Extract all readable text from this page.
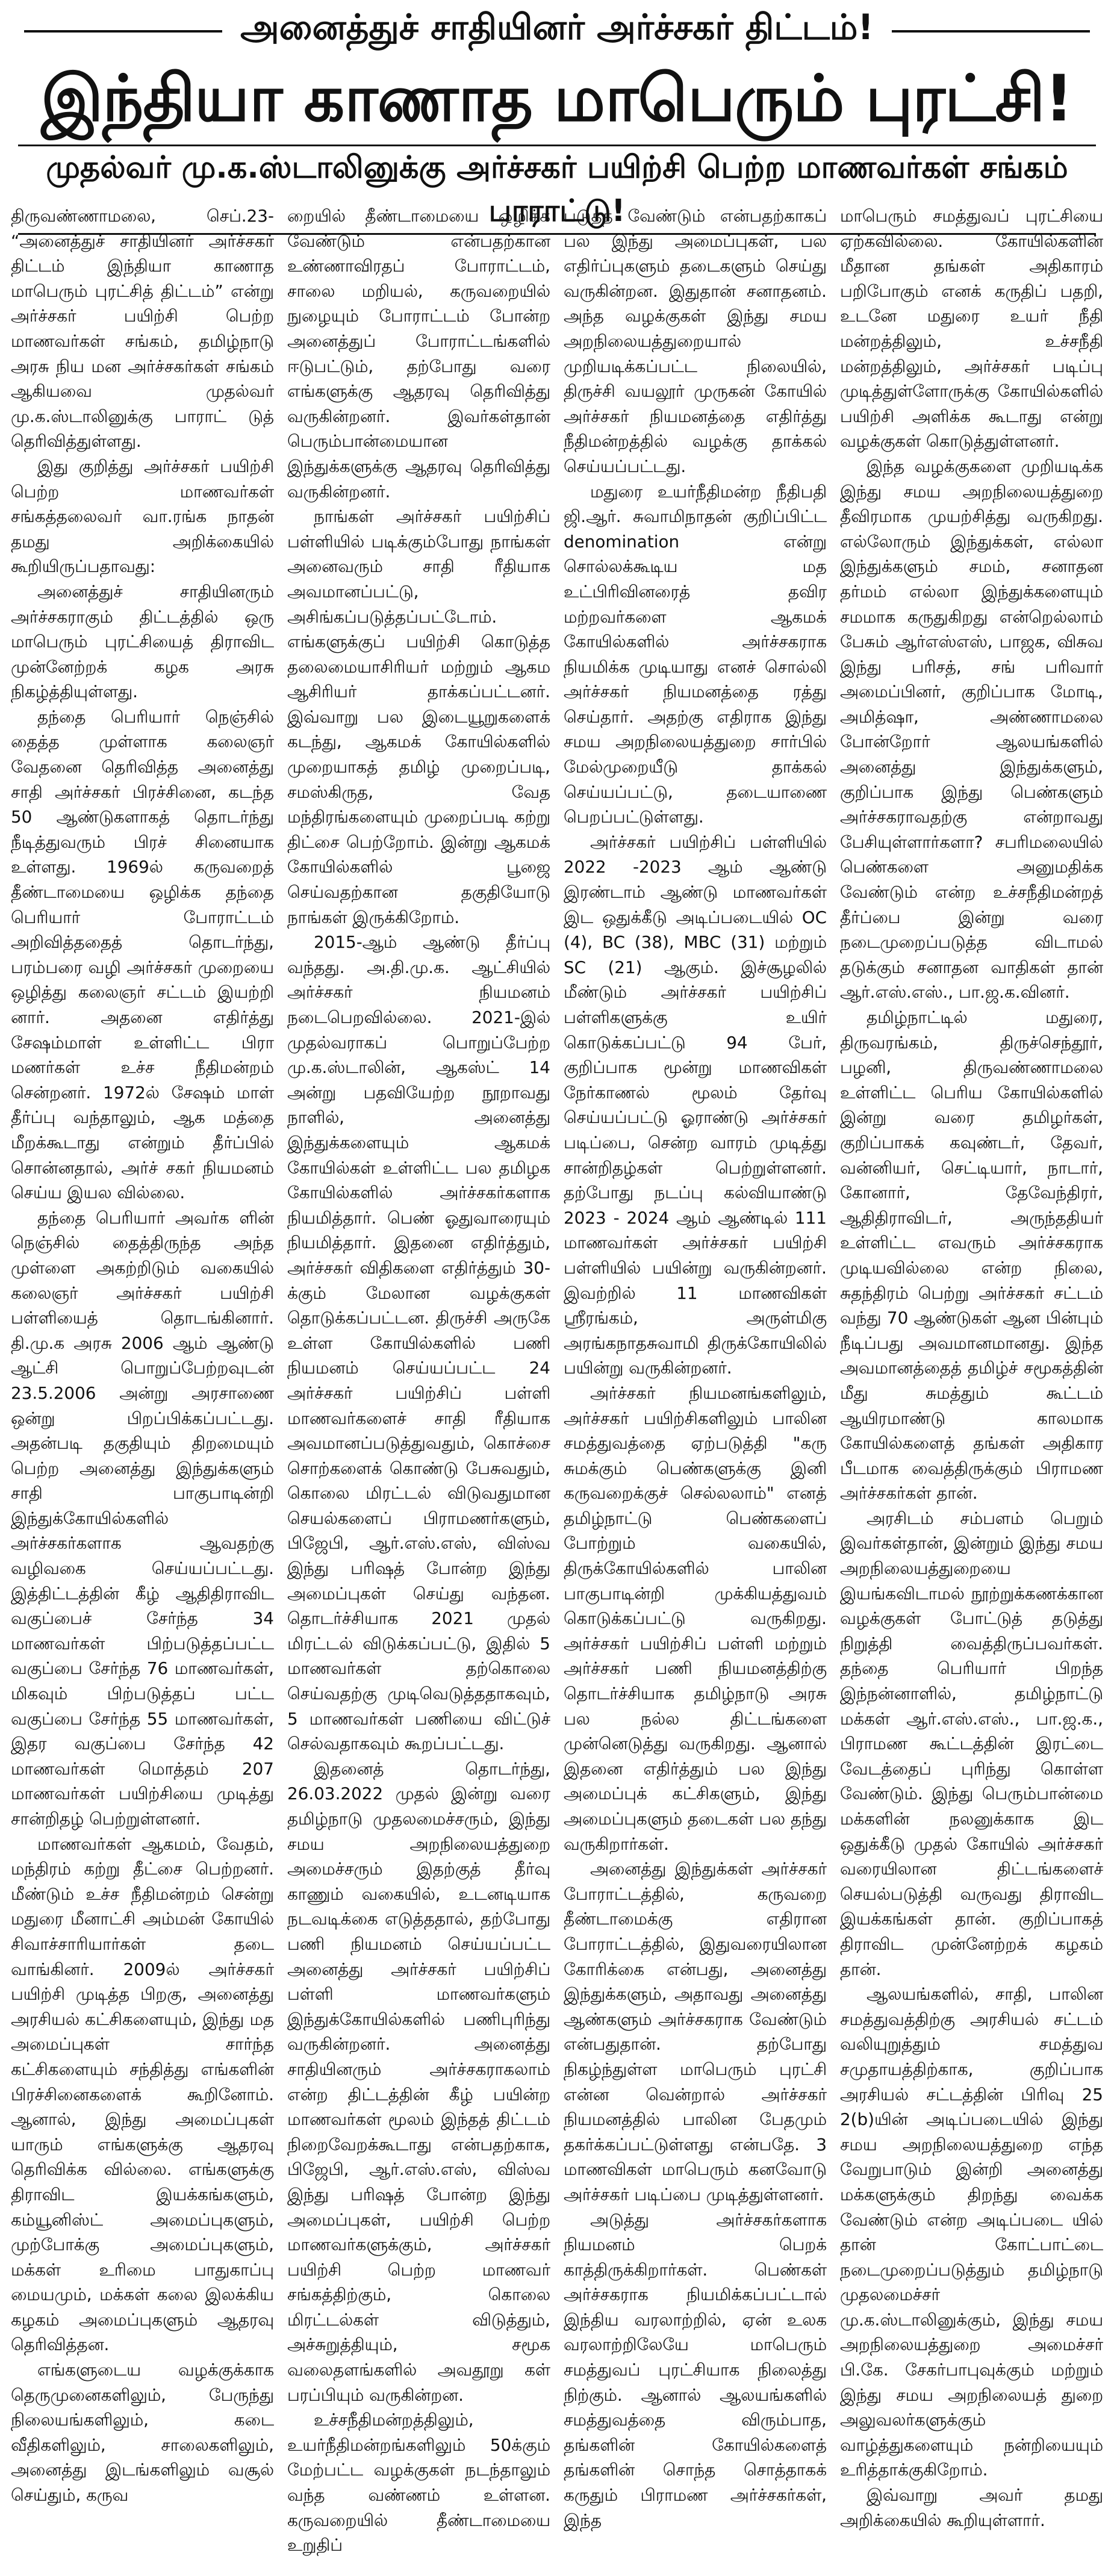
அனைத்துச் சாதியினர் அர்ச்சகர் திட்டம்!
இந்தியா காணாத மாபெரும் புரட்சி!
முதல்வர் மு.க.ஸ்டாலினுக்கு அர்ச்சகர் பயிற்சி பெற்ற மாணவர்கள் சங்கம் பாராட்டு!

திருவண்ணாமலை, செப்.23- “அனைத்துச் சாதியினர் அர்ச்சகர் திட்டம் இந்தியா காணாத மாபெரும் புரட்சித் திட்டம்” என்று அர்ச்சகர் பயிற்சி பெற்ற மாணவர்கள் சங்கம், தமிழ்நாடு அரசு நிய மன அர்ச்சகர்கள் சங்கம் ஆகியவை முதல்வர் மு.க.ஸ்டாலினுக்கு பாராட் டுத் தெரிவித்துள்ளது.

இது குறித்து அர்ச்சகர் பயிற்சி பெற்ற மாணவர்கள் சங்கத்தலைவர் வா.ரங்க நாதன் தமது அறிக்கையில் கூறியிருப்பதாவது:

அனைத்துச் சாதியினரும் அர்ச்சகராகும் திட்டத்தில் ஒரு மாபெரும் புரட்சியைத் திராவிட முன்னேற்றக் கழக அரசு நிகழ்த்தியுள்ளது.

தந்தை பெரியார் நெஞ்சில் தைத்த முள்ளாக கலைஞர் வேதனை தெரிவித்த அனைத்து சாதி அர்ச்சகர் பிரச்சினை, கடந்த 50 ஆண்டுகளாகத் தொடர்ந்து நீடித்துவரும் பிரச் சினையாக உள்ளது. 1969ல் கருவறைத் தீண்டாமையை ஒழிக்க தந்தை பெரியார் போராட்டம் அறிவித்ததைத் தொடர்ந்து, பரம்பரை வழி அர்ச்சகர் முறையை ஒழித்து கலைஞர் சட்டம் இயற்றி னார். அதனை எதிர்த்து சேஷம்மாள் உள்ளிட்ட பிரா மணர்கள் உச்ச நீதிமன்றம் சென்றனர். 1972ல் சேஷம் மாள் தீர்ப்பு வந்தாலும், ஆக மத்தை மீறக்கூடாது என்றும் தீர்ப்பில் சொன்னதால், அர்ச் சகர் நியமனம் செய்ய இயல வில்லை.

தந்தை பெரியார் அவர்க ளின் நெஞ்சில் தைத்திருந்த அந்த முள்ளை அகற்றிடும் வகையில் கலைஞர் அர்ச்சகர் பயிற்சி பள்ளியைத் தொடங்கினார். தி.மு.க அரசு 2006 ஆம் ஆண்டு ஆட்சி பொறுப்பேற்றவுடன் 23.5.2006 அன்று அரசாணை ஒன்று பிறப்பிக்கப்பட்டது. அதன்படி தகுதியும் திறமையும் பெற்ற அனைத்து இந்துக்களும் சாதி பாகுபாடின்றி இந்துக்கோயில்களில் அர்ச்சகர்களாக ஆவதற்கு வழிவகை செய்யப்பட்டது. இத்திட்டத்தின் கீழ் ஆதிதிராவிட வகுப்பைச் சேர்ந்த 34 மாணவர்கள் பிற்படுத்தப்பட்ட வகுப்பை சேர்ந்த 76 மாணவர்கள், மிகவும் பிற்படுத்தப் பட்ட வகுப்பை சேர்ந்த 55 மாணவர்கள், இதர வகுப்பை சேர்ந்த 42 மாணவர்கள் மொத்தம் 207 மாணவர்கள் பயிற்சியை முடித்து சான்றிதழ் பெற்றுள்ளனர்.

மாணவர்கள் ஆகமம், வேதம், மந்திரம் கற்று தீட்சை பெற்றனர். மீண்டும் உச்ச நீதிமன்றம் சென்று மதுரை மீனாட்சி அம்மன் கோயில் சிவாச்சாரியார்கள் தடை வாங்கினர். 2009ல் அர்ச்சகர் பயிற்சி முடித்த பிறகு, அனைத்து அரசியல் கட்சிகளையும், இந்து மத அமைப்புகள் சார்ந்த கட்சிகளையும் சந்தித்து எங்களின் பிரச்சினைகளைக் கூறினோம். ஆனால், இந்து அமைப்புகள் யாரும் எங்களுக்கு ஆதரவு தெரிவிக்க வில்லை. எங்களுக்கு திராவிட இயக்கங்களும், கம்யூனிஸ்ட் அமைப்புகளும், முற்போக்கு அமைப்புகளும், மக்கள் உரிமை பாதுகாப்பு மையமும், மக்கள் கலை இலக்கிய கழகம் அமைப்புகளும் ஆதரவு தெரிவித்தன.

எங்களுடைய வழக்குக்காக தெருமுனைகளிலும், பேருந்து நிலையங்களிலும், கடை வீதிகளிலும், சாலைகளிலும், அனைத்து இடங்களிலும் வசூல் செய்தும், கருவ

றையில் தீண்டாமையை ஒழிக்க வேண்டும் என்பதற்கான உண்ணாவிரதப் போராட்டம், சாலை மறியல், கருவறையில் நுழையும் போராட்டம் போன்ற அனைத்துப் போராட்டங்களில் ஈடுபட்டும், தற்போது வரை எங்களுக்கு ஆதரவு தெரிவித்து வருகின்றனர். இவர்கள்தான் பெரும்பான்மையான இந்துக்களுக்கு ஆதரவு தெரிவித்து வருகின்றனர்.

நாங்கள் அர்ச்சகர் பயிற்சிப் பள்ளியில் படிக்கும்போது நாங்கள் அனைவரும் சாதி ரீதியாக அவமானப்பட்டு, அசிங்கப்படுத்தப்பட்டோம். எங்களுக்குப் பயிற்சி கொடுத்த தலைமையாசிரியர் மற்றும் ஆகம ஆசிரியர் தாக்கப்பட்டனர். இவ்வாறு பல இடையூறுகளைக் கடந்து, ஆகமக் கோயில்களில் முறையாகத் தமிழ் முறைப்படி, சமஸ்கிருத, வேத மந்திரங்களையும் முறைப்படி கற்று திட்சை பெற்றோம். இன்று ஆகமக் கோயில்களில் பூஜை செய்வதற்கான தகுதியோடு நாங்கள் இருக்கிறோம்.

2015-ஆம் ஆண்டு தீர்ப்பு வந்தது. அ.தி.மு.க. ஆட்சியில் அர்ச்சகர் நியமனம் நடைபெறவில்லை. 2021-இல் முதல்வராகப் பொறுப்பேற்ற மு.க.ஸ்டாலின், ஆகஸ்ட் 14 அன்று பதவியேற்ற நூறாவது நாளில், அனைத்து இந்துக்களையும் ஆகமக் கோயில்கள் உள்ளிட்ட பல தமிழக கோயில்களில் அர்ச்சகர்களாக நியமித்தார். பெண் ஓதுவாரையும் நியமித்தார். இதனை எதிர்த்தும், அர்ச்சகர் விதிகளை எதிர்த்தும் 30-க்கும் மேலான வழக்குகள் தொடுக்கப்பட்டன. திருச்சி அருகே உள்ள கோயில்களில் பணி நியமனம் செய்யப்பட்ட 24 அர்ச்சகர் பயிற்சிப் பள்ளி மாணவர்களைச் சாதி ரீதியாக அவமானப்படுத்துவதும், கொச்சை சொற்களைக் கொண்டு பேசுவதும், கொலை மிரட்டல் விடுவதுமான செயல்களைப் பிராமணர்களும், பிஜேபி, ஆர்.எஸ்.எஸ், விஸ்வ இந்து பரிஷத் போன்ற இந்து அமைப்புகள் செய்து வந்தன. தொடர்ச்சியாக 2021 முதல் மிரட்டல் விடுக்கப்பட்டு, இதில் 5 மாணவர்கள் தற்கொலை செய்வதற்கு முடிவெடுத்ததாகவும், 5 மாணவர்கள் பணியை விட்டுச் செல்வதாகவும் கூறப்பட்டது.

இதனைத் தொடர்ந்து, 26.03.2022 முதல் இன்று வரை தமிழ்நாடு முதலமைச்சரும், இந்து சமய அறநிலையத்துறை அமைச்சரும் இதற்குத் தீர்வு காணும் வகையில், உடனடியாக நடவடிக்கை எடுத்ததால், தற்போது பணி நியமனம் செய்யப்பட்ட அனைத்து அர்ச்சகர் பயிற்சிப் பள்ளி மாணவர்களும் இந்துக்கோயில்களில் பணிபுரிந்து வருகின்றனர். அனைத்து சாதியினரும் அர்ச்சகராகலாம் என்ற திட்டத்தின் கீழ் பயின்ற மாணவர்கள் மூலம் இந்தத் திட்டம் நிறைவேறக்கூடாது என்பதற்காக, பிஜேபி, ஆர்.எஸ்.எஸ், விஸ்வ இந்து பரிஷத் போன்ற இந்து அமைப்புகள், பயிற்சி பெற்ற மாணவர்களுக்கும், அர்ச்சகர் பயிற்சி பெற்ற மாணவர் சங்கத்திற்கும், கொலை மிரட்டல்கள் விடுத்தும், அச்சுறுத்தியும், சமூக வலைதளங்களில் அவதூறு கள் பரப்பியும் வருகின்றன.

உச்சநீதிமன்றத்திலும், உயர்நீதிமன்றங்களிலும் 50க்கும் மேற்பட்ட வழக்குகள் நடந்தாலும் வந்த வண்ணம் உள்ளன. கருவறையில் தீண்டாமையை உறுதிப்

படுத்த வேண்டும் என்பதற்காகப் பல இந்து அமைப்புகள், பல எதிர்ப்புகளும் தடைகளும் செய்து வருகின்றன. இதுதான் சனாதனம். அந்த வழக்குகள் இந்து சமய அறநிலையத்துறையால் முறியடிக்கப்பட்ட நிலையில், திருச்சி வயலூர் முருகன் கோயில் அர்ச்சகர் நியமனத்தை எதிர்த்து நீதிமன்றத்தில் வழக்கு தாக்கல் செய்யப்பட்டது.

மதுரை உயர்நீதிமன்ற நீதிபதி ஜி.ஆர். சுவாமிநாதன் குறிப்பிட்ட denomination என்று சொல்லக்கூடிய மத உட்பிரிவினரைத் தவிர மற்றவர்களை ஆகமக் கோயில்களில் அர்ச்சகராக நியமிக்க முடியாது எனச் சொல்லி அர்ச்சகர் நியமனத்தை ரத்து செய்தார். அதற்கு எதிராக இந்து சமய அறநிலையத்துறை சார்பில் மேல்முறையீடு தாக்கல் செய்யப்பட்டு, தடையாணை பெறப்பட்டுள்ளது.

அர்ச்சகர் பயிற்சிப் பள்ளியில் 2022 -2023 ஆம் ஆண்டு இரண்டாம் ஆண்டு மாணவர்கள் இட ஒதுக்கீடு அடிப்படையில் OC (4), BC (38), MBC (31) மற்றும் SC (21) ஆகும். இச்சூழலில் மீண்டும் அர்ச்சகர் பயிற்சிப் பள்ளிகளுக்கு உயிர் கொடுக்கப்பட்டு 94 பேர், குறிப்பாக மூன்று மாணவிகள் நேர்காணல் மூலம் தேர்வு செய்யப்பட்டு ஓராண்டு அர்ச்சகர் படிப்பை, சென்ற வாரம் முடித்து சான்றிதழ்கள் பெற்றுள்ளனர். தற்போது நடப்பு கல்வியாண்டு 2023 - 2024 ஆம் ஆண்டில் 111 மாணவர்கள் அர்ச்சகர் பயிற்சி பள்ளியில் பயின்று வருகின்றனர். இவற்றில் 11 மாணவிகள் ஸ்ரீரங்கம், அருள்மிகு அரங்கநாதசுவாமி திருக்கோயிலில் பயின்று வருகின்றனர்.

அர்ச்சகர் நியமனங்களிலும், அர்ச்சகர் பயிற்சிகளிலும் பாலின சமத்துவத்தை ஏற்படுத்தி "கரு சுமக்கும் பெண்களுக்கு இனி கருவறைக்குச் செல்லலாம்" எனத் தமிழ்நாட்டு பெண்களைப் போற்றும் வகையில், திருக்கோயில்களில் பாலின பாகுபாடின்றி முக்கியத்துவம் கொடுக்கப்பட்டு வருகிறது. அர்ச்சகர் பயிற்சிப் பள்ளி மற்றும் அர்ச்சகர் பணி நியமனத்திற்கு தொடர்ச்சியாக தமிழ்நாடு அரசு பல நல்ல திட்டங்களை முன்னெடுத்து வருகிறது. ஆனால் இதனை எதிர்த்தும் பல இந்து அமைப்புக் கட்சிகளும், இந்து அமைப்புகளும் தடைகள் பல தந்து வருகிறார்கள்.

அனைத்து இந்துக்கள் அர்ச்சகர் போராட்டத்தில், கருவறை தீண்டாமைக்கு எதிரான போராட்டத்தில், இதுவரையிலான கோரிக்கை என்பது, அனைத்து இந்துக்களும், அதாவது அனைத்து ஆண்களும் அர்ச்சகராக வேண்டும் என்பதுதான். தற்போது நிகழ்ந்துள்ள மாபெரும் புரட்சி என்ன வென்றால் அர்ச்சகர் நியமனத்தில் பாலின பேதமும் தகர்க்கப்பட்டுள்ளது என்பதே. 3 மாணவிகள் மாபெரும் கனவோடு அர்ச்சகர் படிப்பை முடித்துள்ளனர்.

அடுத்து அர்ச்சகர்களாக நியமனம் பெறக் காத்திருக்கிறார்கள். பெண்கள் அர்ச்சகராக நியமிக்கப்பட்டால் இந்திய வரலாற்றில், ஏன் உலக வரலாற்றிலேயே மாபெரும் சமத்துவப் புரட்சியாக நிலைத்து நிற்கும். ஆனால் ஆலயங்களில் சமத்துவத்தை விரும்பாத, தங்களின் கோயில்களைத் தங்களின் சொந்த சொத்தாகக் கருதும் பிராமண அர்ச்சகர்கள், இந்த

மாபெரும் சமத்துவப் புரட்சியை ஏற்கவில்லை. கோயில்களின் மீதான தங்கள் அதிகாரம் பறிபோகும் எனக் கருதிப் பதறி, உடனே மதுரை உயர் நீதி மன்றத்திலும், உச்சநீதி மன்றத்திலும், அர்ச்சகர் படிப்பு முடித்துள்ளோருக்கு கோயில்களில் பயிற்சி அளிக்க கூடாது என்று வழக்குகள் கொடுத்துள்ளனர்.

இந்த வழக்குகளை முறியடிக்க இந்து சமய அறநிலையத்துறை தீவிரமாக முயற்சித்து வருகிறது. எல்லோரும் இந்துக்கள், எல்லா இந்துக்களும் சமம், சனாதன தர்மம் எல்லா இந்துக்களையும் சமமாக கருதுகிறது என்றெல்லாம் பேசும் ஆர்எஸ்எஸ், பாஜக, விசுவ இந்து பரிசத், சங் பரிவார் அமைப்பினர், குறிப்பாக மோடி, அமித்ஷா, அண்ணாமலை போன்றோர் ஆலயங்களில் அனைத்து இந்துக்களும், குறிப்பாக இந்து பெண்களும் அர்ச்சகராவதற்கு என்றாவது பேசியுள்ளார்களா? சபரிமலையில் பெண்களை அனுமதிக்க வேண்டும் என்ற உச்சநீதிமன்றத் தீர்ப்பை இன்று வரை நடைமுறைப்படுத்த விடாமல் தடுக்கும் சனாதன வாதிகள் தான் ஆர்.எஸ்.எஸ்., பா.ஜ.க.வினர்.

தமிழ்நாட்டில் மதுரை, திருவரங்கம், திருச்செந்தூர், பழனி, திருவண்ணாமலை உள்ளிட்ட பெரிய கோயில்களில் இன்று வரை தமிழர்கள், குறிப்பாகக் கவுண்டர், தேவர், வன்னியர், செட்டியார், நாடார், கோனார், தேவேந்திரர், ஆதிதிராவிடர், அருந்ததியர் உள்ளிட்ட எவரும் அர்ச்சகராக முடியவில்லை என்ற நிலை, சுதந்திரம் பெற்று அர்ச்சகர் சட்டம் வந்து 70 ஆண்டுகள் ஆன பின்பும் நீடிப்பது அவமானமானது. இந்த அவமானத்தைத் தமிழ்ச் சமூகத்தின் மீது சுமத்தும் கூட்டம் ஆயிரமாண்டு காலமாக கோயில்களைத் தங்கள் அதிகார பீடமாக வைத்திருக்கும் பிராமண அர்ச்சகர்கள் தான்.

அரசிடம் சம்பளம் பெறும் இவர்கள்தான், இன்றும் இந்து சமய அறநிலையத்துறையை இயங்கவிடாமல் நூற்றுக்கணக்கான வழக்குகள் போட்டுத் தடுத்து நிறுத்தி வைத்திருப்பவர்கள். தந்தை பெரியார் பிறந்த இந்நன்னாளில், தமிழ்நாட்டு மக்கள் ஆர்.எஸ்.எஸ்., பா.ஜ.க., பிராமண கூட்டத்தின் இரட்டை வேடத்தைப் புரிந்து கொள்ள வேண்டும். இந்து பெரும்பான்மை மக்களின் நலனுக்காக இட ஒதுக்கீடு முதல் கோயில் அர்ச்சகர் வரையிலான திட்டங்களைச் செயல்படுத்தி வருவது திராவிட இயக்கங்கள் தான். குறிப்பாகத் திராவிட முன்னேற்றக் கழகம் தான்.

ஆலயங்களில், சாதி, பாலின சமத்துவத்திற்கு அரசியல் சட்டம் வலியுறுத்தும் சமத்துவ சமுதாயத்திற்காக, குறிப்பாக அரசியல் சட்டத்தின் பிரிவு 25 2(b)யின் அடிப்படையில் இந்து சமய அறநிலையத்துறை எந்த வேறுபாடும் இன்றி அனைத்து மக்களுக்கும் திறந்து வைக்க வேண்டும் என்ற அடிப்படை யில் தான் கோட்பாட்டை நடைமுறைப்படுத்தும் தமிழ்நாடு முதலமைச்சர் மு.க.ஸ்டாலினுக்கும், இந்து சமய அறநிலையத்துறை அமைச்சர் பி.கே. சேகர்பாபுவுக்கும் மற்றும் இந்து சமய அறநிலையத் துறை அலுவலர்களுக்கும் வாழ்த்துகளையும் நன்றியையும் உரித்தாக்குகிறோம்.

இவ்வாறு அவர் தமது அறிக்கையில் கூறியுள்ளார்.
